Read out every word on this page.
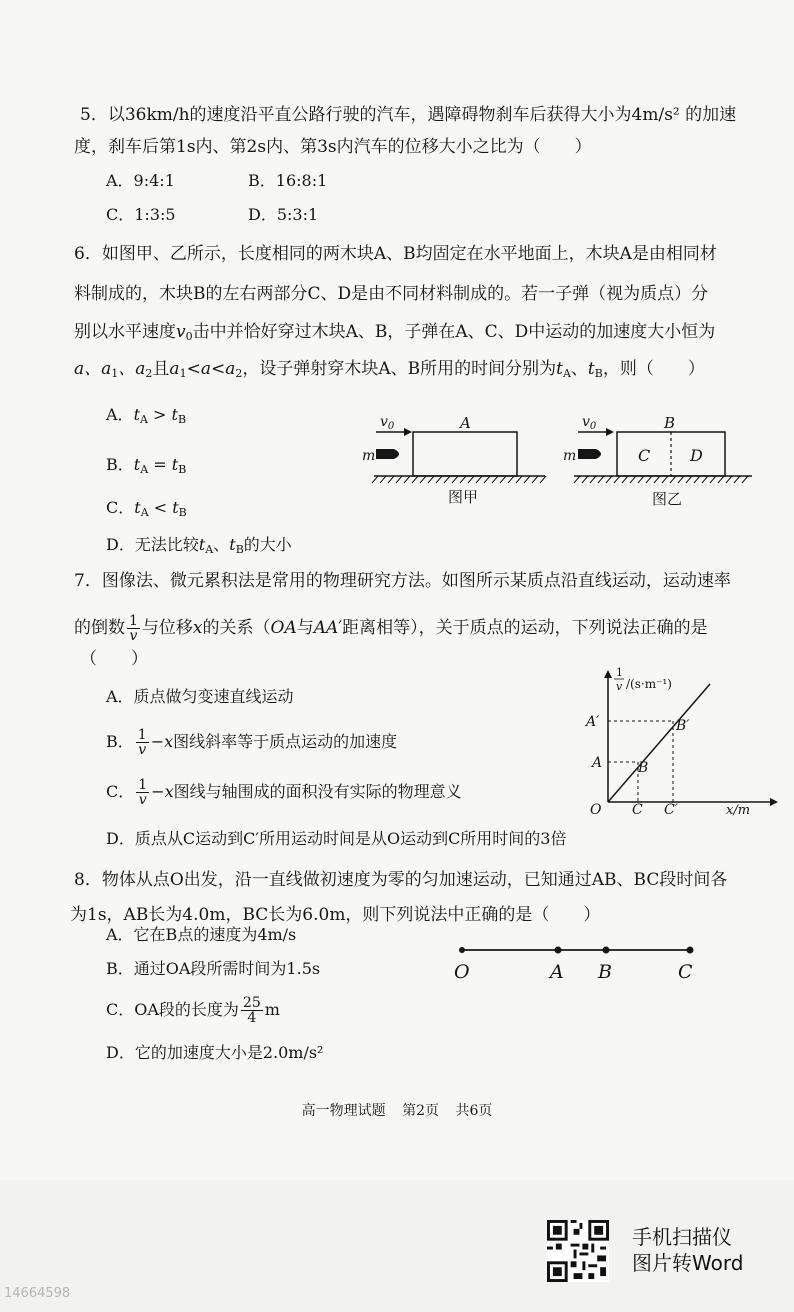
5．以36km/h的速度沿平直公路行驶的汽车，遇障碍物刹车后获得大小为4m/s² 的加速
度，刹车后第1s内、第2s内、第3s内汽车的位移大小之比为（　　）
A．9:4:1	B．16:8:1
C．1:3:5	D．5:3:1
6．如图甲、乙所示，长度相同的两木块A、B均固定在水平地面上，木块A是由相同材
料制成的，木块B的左右两部分C、D是由不同材料制成的。若一子弹（视为质点）分
别以水平速度$v_0$击中并恰好穿过木块A、B，子弹在A、C、D中运动的加速度大小恒为
a、$a_1$、$a_2$且$a_1<a<a_2$，设子弹射穿木块A、B所用的时间分别为$t_A$、$t_B$，则（　　）
A．$t_A > t_B$
B．$t_A = t_B$
C．$t_A < t_B$
D．无法比较$t_A$、$t_B$的大小
$v_0$
m
A
图甲
$v_0$
m
B
C D
图乙
7．图像法、微元累积法是常用的物理研究方法。如图所示某质点沿直线运动，运动速率
的倒数 $\frac{1}{v}$ 与位移x的关系（OA与AA′距离相等），关于质点的运动，下列说法正确的是
（　　）
A．质点做匀变速直线运动
B． $\frac{1}{v} -x$图线斜率等于质点运动的加速度
C． $\frac{1}{v} -x$图线与轴围成的面积没有实际的物理意义
D．质点从C运动到C′所用运动时间是从O运动到C所用时间的3倍
1
/(s·m⁻¹)
v
O C C′	x/m
A
A′
B
B′
8．物体从点O出发，沿一直线做初速度为零的匀加速运动，已知通过AB、BC段时间各
为1s，AB长为4.0m，BC长为6.0m，则下列说法中正确的是（　　）
A．它在B点的速度为4m/s
B．通过OA段所需时间为1.5s
C．OA段的长度为 $\frac{25}{4}$ m
D．它的加速度大小是2.0m/s²
O	A B	C
高一物理试题 第2页 共6页
手机扫描仪
图片转Word
14664598
